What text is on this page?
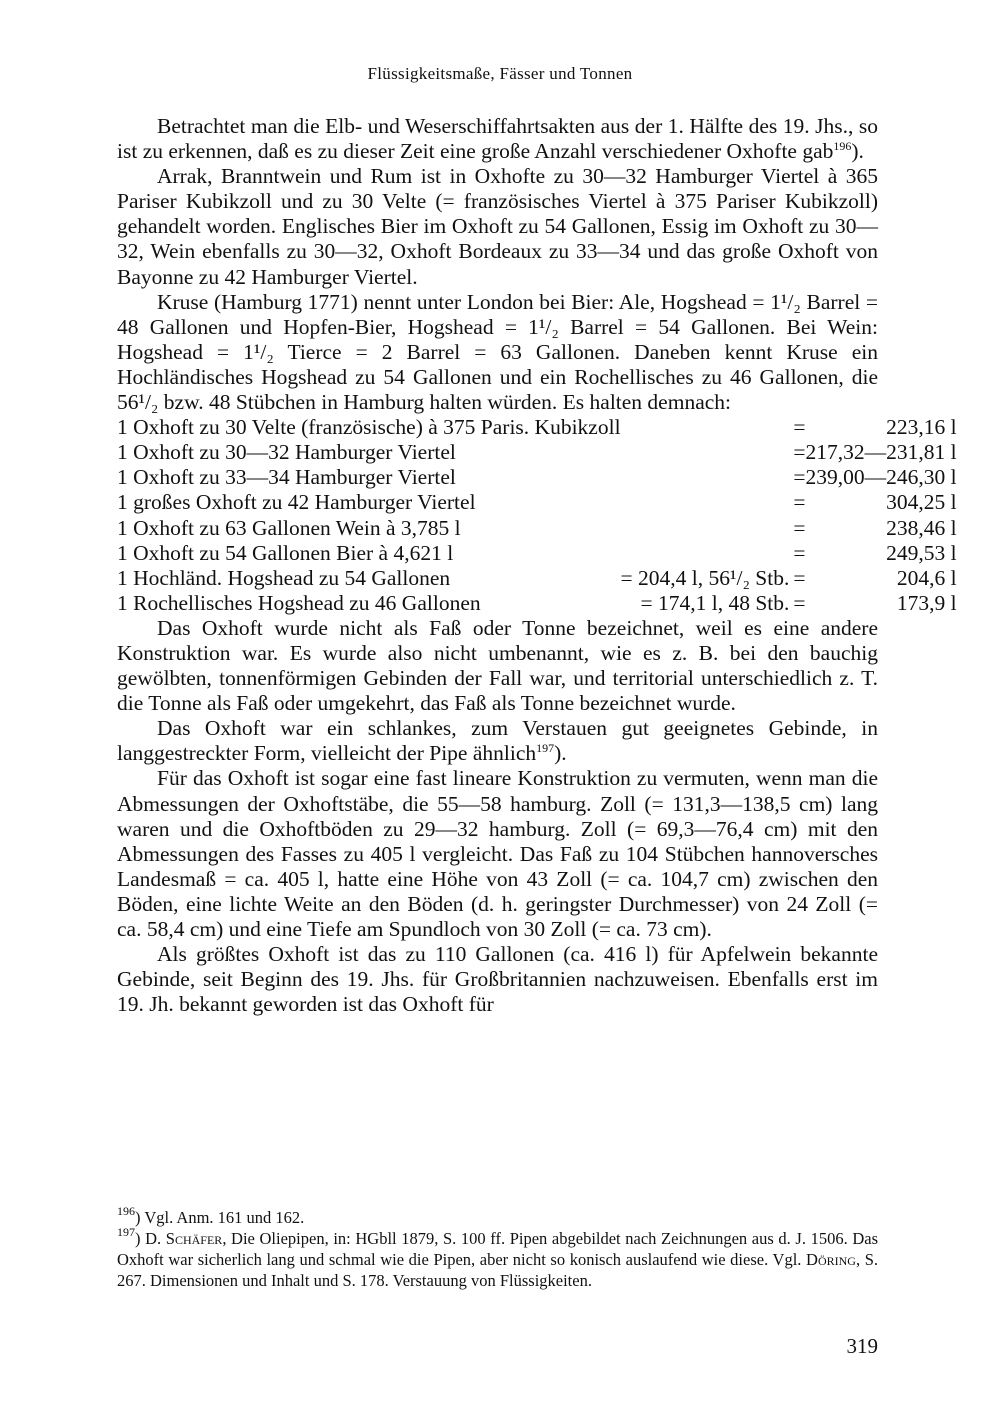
Flüssigkeitsmaße, Fässer und Tonnen

Betrachtet man die Elb- und Weserschiffahrtsakten aus der 1. Hälfte des 19. Jhs., so ist zu erkennen, daß es zu dieser Zeit eine große Anzahl verschiedener Oxhofte gab$^{196}$).

Arrak, Branntwein und Rum ist in Oxhofte zu 30—32 Hamburger Viertel à 365 Pariser Kubikzoll und zu 30 Velte (= französisches Viertel à 375 Pariser Kubikzoll) gehandelt worden. Englisches Bier im Oxhoft zu 54 Gallonen, Essig im Oxhoft zu 30—32, Wein ebenfalls zu 30—32, Oxhoft Bordeaux zu 33—34 und das große Oxhoft von Bayonne zu 42 Hamburger Viertel.

Kruse (Hamburg 1771) nennt unter London bei Bier: Ale, Hogshead = 1¹/₂ Barrel = 48 Gallonen und Hopfen-Bier, Hogshead = 1¹/₂ Barrel = 54 Gallonen. Bei Wein: Hogshead = 1¹/₂ Tierce = 2 Barrel = 63 Gallonen. Daneben kennt Kruse ein Hochländisches Hogshead zu 54 Gallonen und ein Rochellisches zu 46 Gallonen, die 56¹/₂ bzw. 48 Stübchen in Hamburg halten würden. Es halten demnach:

1 Oxhoft zu 30 Velte (französische) à 375 Paris. Kubikzoll		=	223,16 l
1 Oxhoft zu 30—32 Hamburger Viertel		=	217,32—231,81 l
1 Oxhoft zu 33—34 Hamburger Viertel		=	239,00—246,30 l
1 großes Oxhoft zu 42 Hamburger Viertel		=	304,25 l
1 Oxhoft zu 63 Gallonen Wein à 3,785 l		=	238,46 l
1 Oxhoft zu 54 Gallonen Bier à 4,621 l		=	249,53 l
1 Hochländ. Hogshead zu 54 Gallonen	= 204,4 l, 56¹/₂ Stb.	=	204,6 l
1 Rochellisches Hogshead zu 46 Gallonen	= 174,1 l, 48 Stb.	=	173,9 l

Das Oxhoft wurde nicht als Faß oder Tonne bezeichnet, weil es eine andere Konstruktion war. Es wurde also nicht umbenannt, wie es z. B. bei den bauchig gewölbten, tonnenförmigen Gebinden der Fall war, und territorial unterschiedlich z. T. die Tonne als Faß oder umgekehrt, das Faß als Tonne bezeichnet wurde.

Das Oxhoft war ein schlankes, zum Verstauen gut geeignetes Gebinde, in langgestreckter Form, vielleicht der Pipe ähnlich$^{197}$).

Für das Oxhoft ist sogar eine fast lineare Konstruktion zu vermuten, wenn man die Abmessungen der Oxhoftstäbe, die 55—58 hamburg. Zoll (= 131,3—138,5 cm) lang waren und die Oxhoftböden zu 29—32 hamburg. Zoll (= 69,3—76,4 cm) mit den Abmessungen des Fasses zu 405 l vergleicht. Das Faß zu 104 Stübchen hannoversches Landesmaß = ca. 405 l, hatte eine Höhe von 43 Zoll (= ca. 104,7 cm) zwischen den Böden, eine lichte Weite an den Böden (d. h. geringster Durchmesser) von 24 Zoll (= ca. 58,4 cm) und eine Tiefe am Spundloch von 30 Zoll (= ca. 73 cm).

Als größtes Oxhoft ist das zu 110 Gallonen (ca. 416 l) für Apfelwein bekannte Gebinde, seit Beginn des 19. Jhs. für Großbritannien nachzuweisen. Ebenfalls erst im 19. Jh. bekannt geworden ist das Oxhoft für

$^{196}$) Vgl. Anm. 161 und 162.

$^{197}$) D. Schäfer, Die Oliepipen, in: HGbll 1879, S. 100 ff. Pipen abgebildet nach Zeichnungen aus d. J. 1506. Das Oxhoft war sicherlich lang und schmal wie die Pipen, aber nicht so konisch auslaufend wie diese. Vgl. Döring, S. 267. Dimensionen und Inhalt und S. 178. Verstauung von Flüssigkeiten.

319
